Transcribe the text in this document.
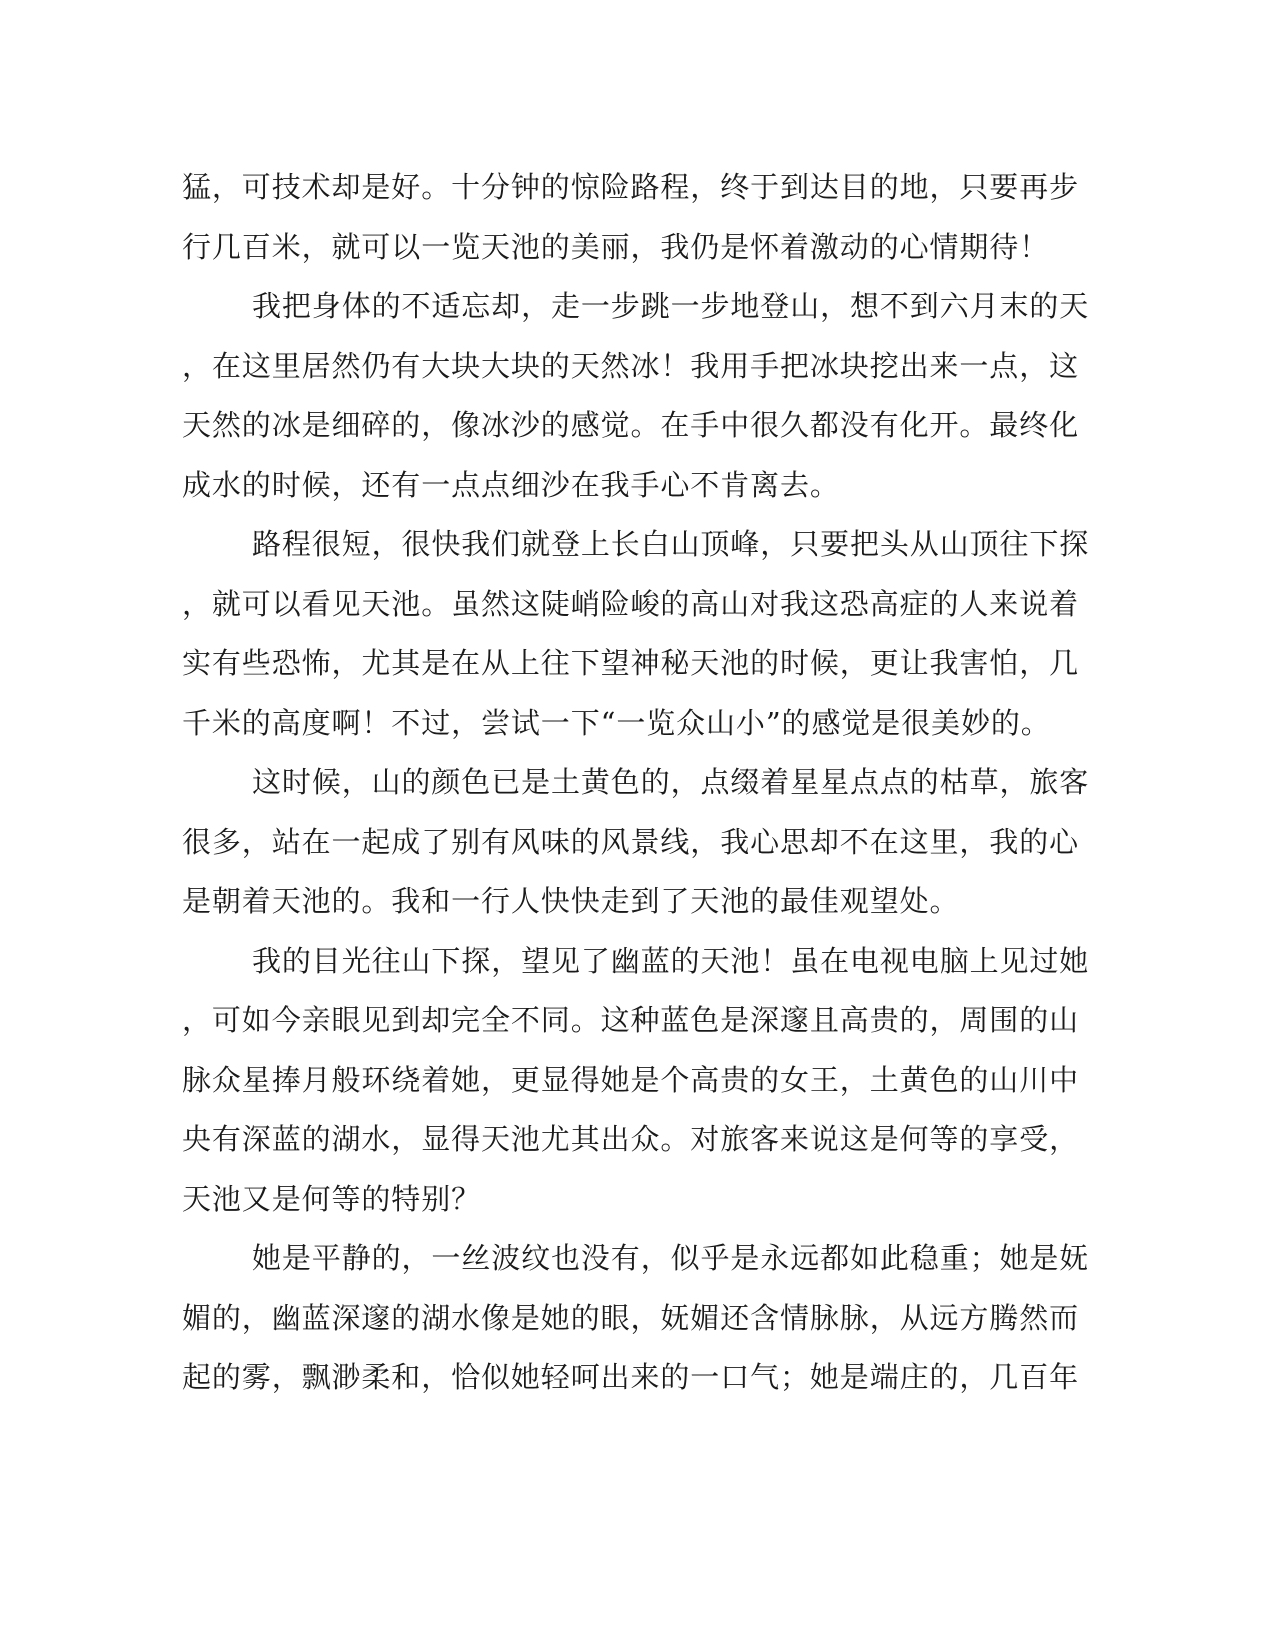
猛，可技术却是好。十分钟的惊险路程，终于到达目的地，只要再步
行几百米，就可以一览天池的美丽，我仍是怀着激动的心情期待！
我把身体的不适忘却，走一步跳一步地登山，想不到六月末的天
，在这里居然仍有大块大块的天然冰！我用手把冰块挖出来一点，这
天然的冰是细碎的，像冰沙的感觉。在手中很久都没有化开。最终化
成水的时候，还有一点点细沙在我手心不肯离去。
路程很短，很快我们就登上长白山顶峰，只要把头从山顶往下探
，就可以看见天池。虽然这陡峭险峻的高山对我这恐高症的人来说着
实有些恐怖，尤其是在从上往下望神秘天池的时候，更让我害怕，几
千米的高度啊！不过，尝试一下“一览众山小”的感觉是很美妙的。
这时候，山的颜色已是土黄色的，点缀着星星点点的枯草，旅客
很多，站在一起成了别有风味的风景线，我心思却不在这里，我的心
是朝着天池的。我和一行人快快走到了天池的最佳观望处。
我的目光往山下探，望见了幽蓝的天池！虽在电视电脑上见过她
，可如今亲眼见到却完全不同。这种蓝色是深邃且高贵的，周围的山
脉众星捧月般环绕着她，更显得她是个高贵的女王，土黄色的山川中
央有深蓝的湖水，显得天池尤其出众。对旅客来说这是何等的享受，
天池又是何等的特别？
她是平静的，一丝波纹也没有，似乎是永远都如此稳重；她是妩
媚的，幽蓝深邃的湖水像是她的眼，妩媚还含情脉脉，从远方腾然而
起的雾，飘渺柔和，恰似她轻呵出来的一口气；她是端庄的，几百年
